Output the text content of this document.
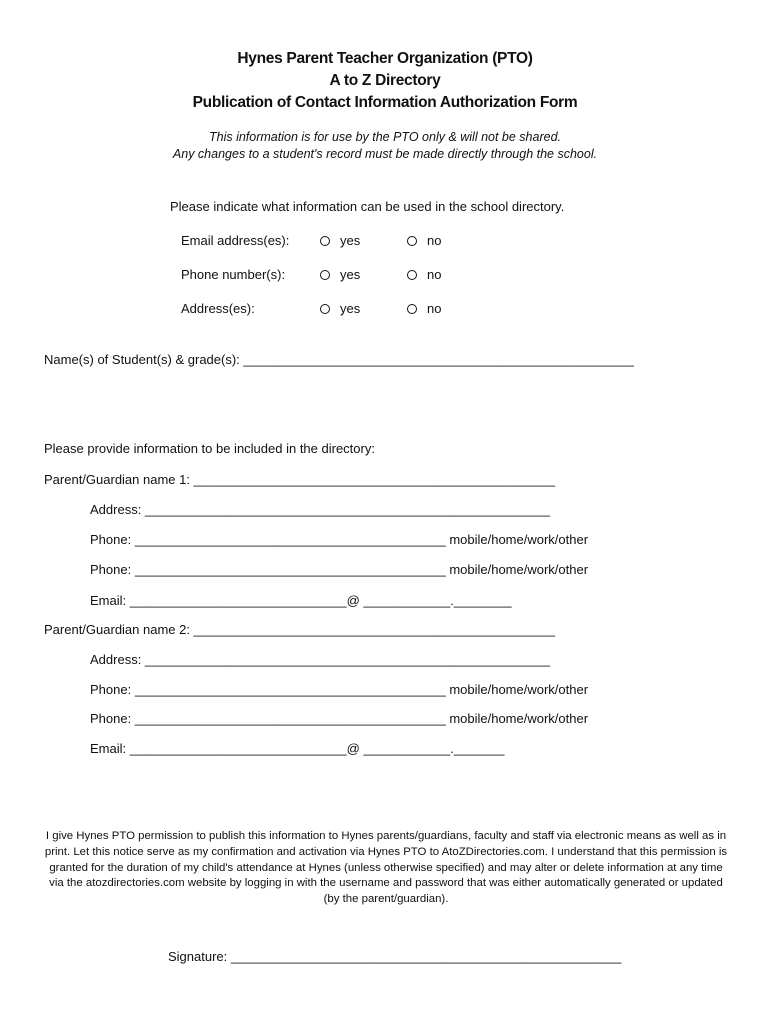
Hynes Parent Teacher Organization (PTO)
A to Z Directory
Publication of Contact Information Authorization Form
This information is for use by the PTO only & will not be shared.
Any changes to a student's record must be made directly through the school.
Please indicate what information can be used in the school directory.
Email address(es):	yes	no
Phone number(s):	yes	no
Address(es):	yes	no
Name(s) of Student(s) & grade(s): ______________________________________________________
Please provide information to be included in the directory:
Parent/Guardian name 1: __________________________________________________
Address: ________________________________________________________
Phone: ___________________________________________ mobile/home/work/other
Phone: ___________________________________________ mobile/home/work/other
Email: ______________________________@ ____________.________
Parent/Guardian name 2: __________________________________________________
Address: ________________________________________________________
Phone: ___________________________________________ mobile/home/work/other
Phone: ___________________________________________ mobile/home/work/other
Email: ______________________________@ ____________._______
I give Hynes PTO permission to publish this information to Hynes parents/guardians, faculty and staff via electronic means as well as in print. Let this notice serve as my confirmation and activation via Hynes PTO to AtoZDirectories.com. I understand that this permission is granted for the duration of my child's attendance at Hynes (unless otherwise specified) and may alter or delete information at any time via the atozdirectories.com website by logging in with the username and password that was either automatically generated or updated (by the parent/guardian).
Signature: ______________________________________________________
